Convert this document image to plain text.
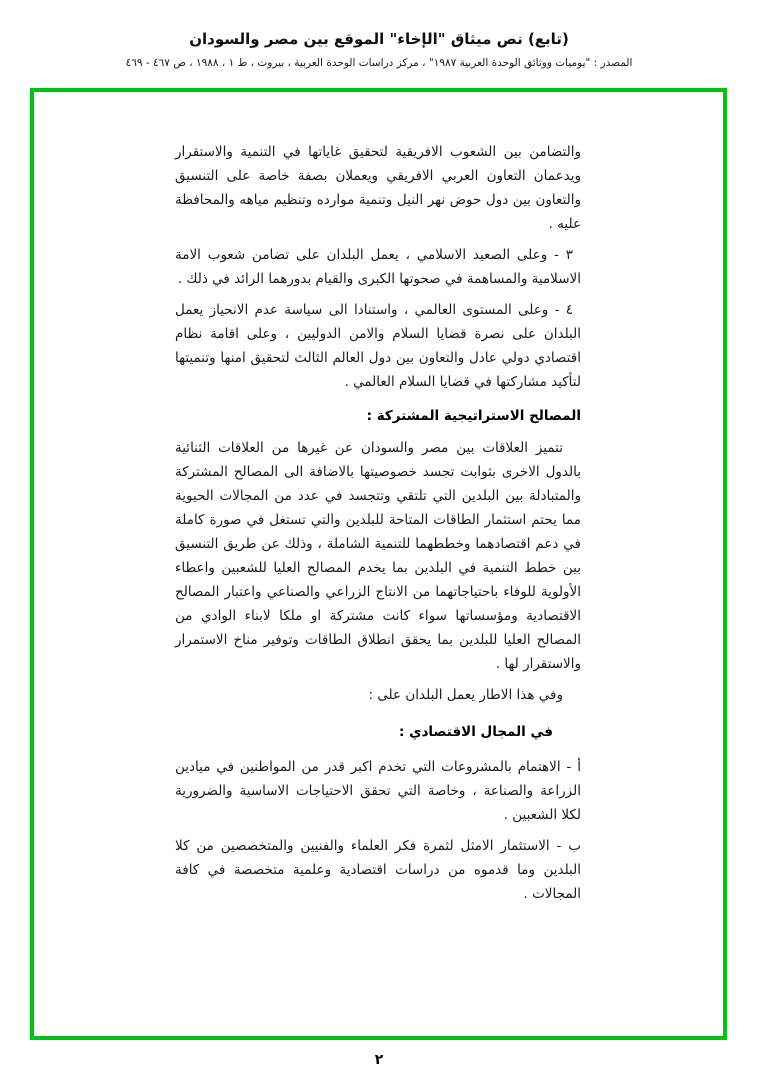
(تابع) نص ميثاق "الإخاء" الموقع بين مصر والسودان
المصدر : "يوميات ووثائق الوحدة العربية ١٩٨٧" ، مركز دراسات الوحدة العربية ، بيروت ، ط ١ ، ١٩٨٨ ، ص ٤٦٧ - ٤٦٩

والتضامن بين الشعوب الافريقية لتحقيق غاياتها في التنمية والاستقرار ويدعمان التعاون العربي الافريقي ويعملان بصفة خاصة على التنسيق والتعاون بين دول حوض نهر النيل وتنمية موارده وتنظيم مياهه والمحافظة عليه .

٣ - وعلى الصعيد الاسلامي ، يعمل البلدان على تضامن شعوب الامة الاسلامية والمساهمة في صحوتها الكبرى والقيام بدورهما الرائد في ذلك .

٤ - وعلى المستوى العالمي ، واستنادا الى سياسة عدم الانحياز يعمل البلدان على نصرة قضايا السلام والامن الدوليين ، وعلى اقامة نظام اقتصادي دولي عادل والتعاون بين دول العالم الثالث لتحقيق امنها وتنميتها لتأكيد مشاركتها في قضايا السلام العالمي .

المصالح الاستراتيجية المشتركة :

تتميز العلاقات بين مصر والسودان عن غيرها من العلاقات الثنائية بالدول الاخرى بثوابت تجسد خصوصيتها بالاضافة الى المصالح المشتركة والمتبادلة بين البلدين التي تلتقي وتتجسد في عدد من المجالات الحيوية مما يحتم استثمار الطاقات المتاحة للبلدين والتي تستغل في صورة كاملة في دعم اقتصادهما وخططهما للتنمية الشاملة ، وذلك عن طريق التنسيق بين خطط التنمية في البلدين بما يخدم المصالح العليا للشعبين واعطاء الأولوية للوفاء باحتياجاتهما من الانتاج الزراعي والصناعي واعتبار المصالح الاقتصادية ومؤسساتها سواء كانت مشتركة او ملكا لابناء الوادي من المصالح العليا للبلدين بما يحقق انطلاق الطاقات وتوفير مناخ الاستمرار والاستقرار لها .

وفي هذا الاطار يعمل البلدان على :

في المجال الاقتصادي :

أ - الاهتمام بالمشروعات التي تخدم اكبر قدر من المواطنين في ميادين الزراعة والصناعة ، وخاصة التي تحقق الاحتياجات الاساسية والضرورية لكلا الشعبين .

ب - الاستثمار الامثل لثمرة فكر العلماء والفنيين والمتخصصين من كلا البلدين وما قدموه من دراسات اقتصادية وعلمية متخصصة في كافة المجالات .

٢
